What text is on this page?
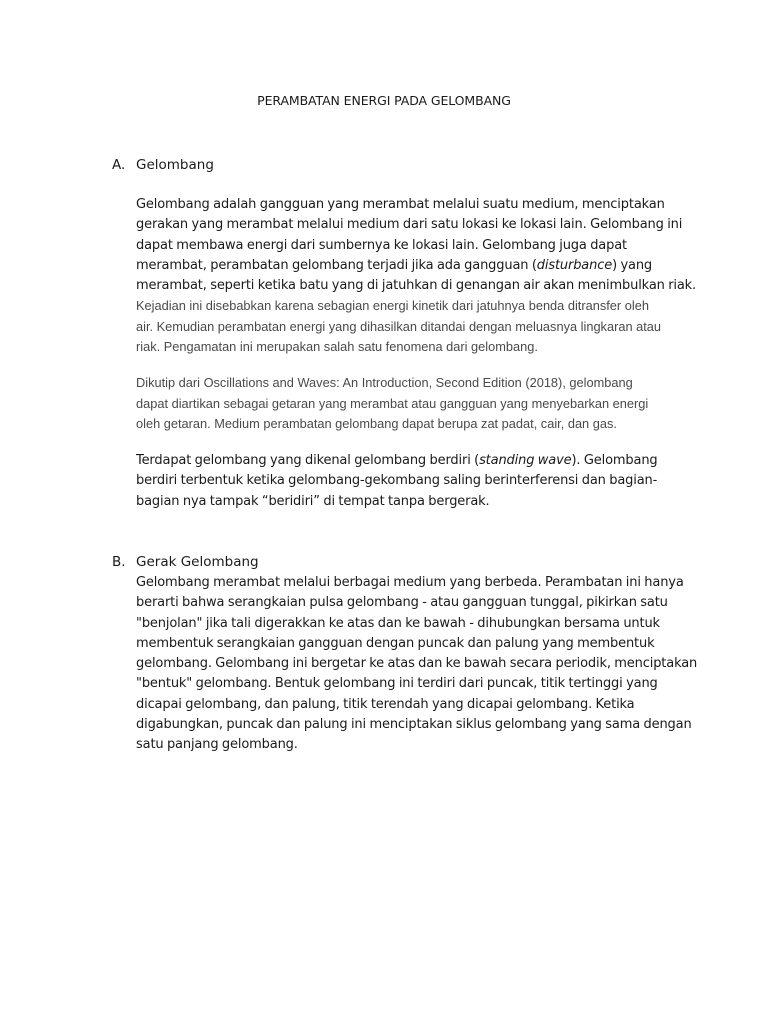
PERAMBATAN ENERGI PADA GELOMBANG
A. Gelombang

Gelombang adalah gangguan yang merambat melalui suatu medium, menciptakan
gerakan yang merambat melalui medium dari satu lokasi ke lokasi lain. Gelombang ini
dapat membawa energi dari sumbernya ke lokasi lain. Gelombang juga dapat
merambat, perambatan gelombang terjadi jika ada gangguan (disturbance) yang
merambat, seperti ketika batu yang di jatuhkan di genangan air akan menimbulkan riak.
Kejadian ini disebabkan karena sebagian energi kinetik dari jatuhnya benda ditransfer oleh
air. Kemudian perambatan energi yang dihasilkan ditandai dengan meluasnya lingkaran atau
riak. Pengamatan ini merupakan salah satu fenomena dari gelombang.

Dikutip dari Oscillations and Waves: An Introduction, Second Edition (2018), gelombang
dapat diartikan sebagai getaran yang merambat atau gangguan yang menyebarkan energi
oleh getaran. Medium perambatan gelombang dapat berupa zat padat, cair, dan gas.

Terdapat gelombang yang dikenal gelombang berdiri (standing wave). Gelombang
berdiri terbentuk ketika gelombang-gekombang saling berinterferensi dan bagian-
bagian nya tampak “beridiri” di tempat tanpa bergerak.

B. Gerak Gelombang

Gelombang merambat melalui berbagai medium yang berbeda. Perambatan ini hanya
berarti bahwa serangkaian pulsa gelombang - atau gangguan tunggal, pikirkan satu
"benjolan" jika tali digerakkan ke atas dan ke bawah - dihubungkan bersama untuk
membentuk serangkaian gangguan dengan puncak dan palung yang membentuk
gelombang. Gelombang ini bergetar ke atas dan ke bawah secara periodik, menciptakan
"bentuk" gelombang. Bentuk gelombang ini terdiri dari puncak, titik tertinggi yang
dicapai gelombang, dan palung, titik terendah yang dicapai gelombang. Ketika
digabungkan, puncak dan palung ini menciptakan siklus gelombang yang sama dengan
satu panjang gelombang.
